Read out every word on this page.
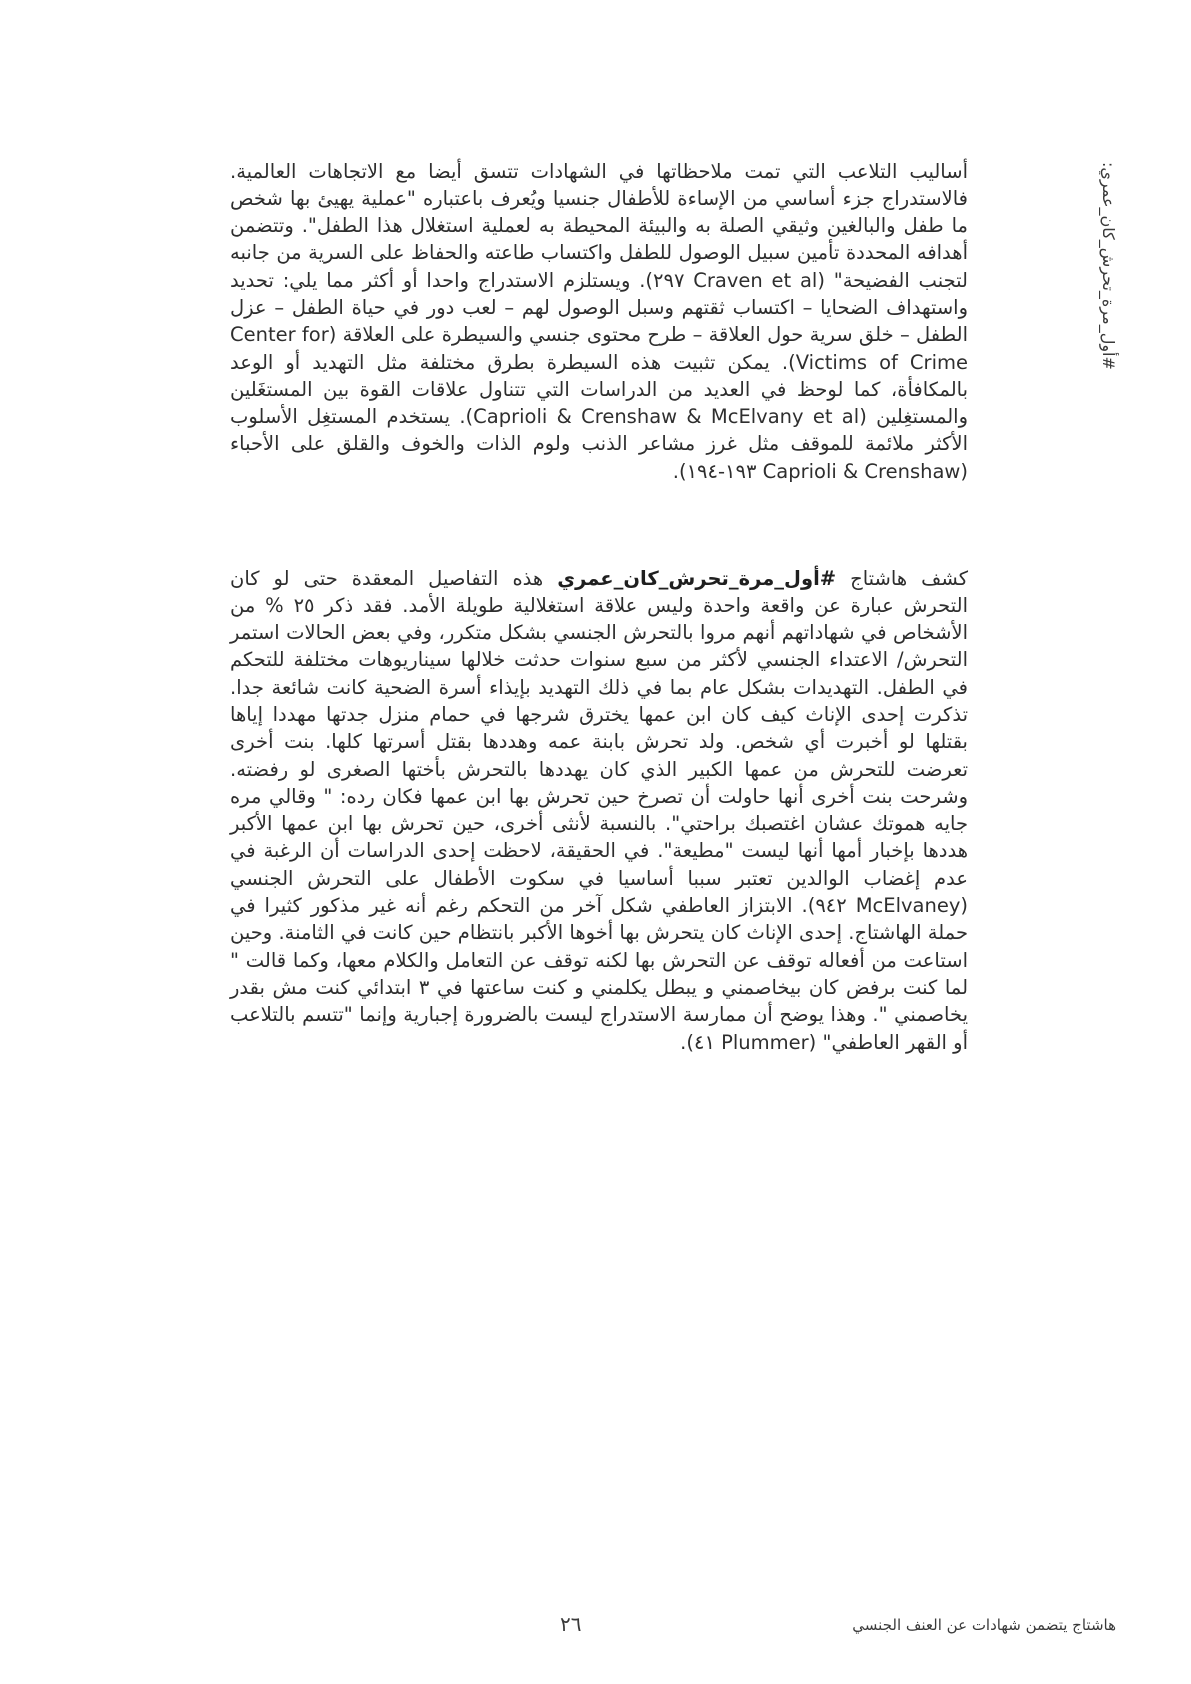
#أول_مرة_تحرش_كان_عمري:

أساليب التلاعب التي تمت ملاحظاتها في الشهادات تتسق أيضا مع الاتجاهات العالمية. فالاستدراج جزء أساسي من الإساءة للأطفال جنسيا ويُعرف باعتباره "عملية يهيئ بها شخص ما طفل والبالغين وثيقي الصلة به والبيئة المحيطة به لعملية استغلال هذا الطفل". وتتضمن أهدافه المحددة تأمين سبيل الوصول للطفل واكتساب طاعته والحفاظ على السرية من جانبه لتجنب الفضيحة" (Craven et al ٢٩٧). ويستلزم الاستدراج واحدا أو أكثر مما يلي: تحديد واستهداف الضحايا – اكتساب ثقتهم وسبل الوصول لهم – لعب دور في حياة الطفل – عزل الطفل – خلق سرية حول العلاقة – طرح محتوى جنسي والسيطرة على العلاقة (Center for Victims of Crime). يمكن تثبيت هذه السيطرة بطرق مختلفة مثل التهديد أو الوعد بالمكافأة، كما لوحظ في العديد من الدراسات التي تتناول علاقات القوة بين المستغَلين والمستغِلين (Caprioli & Crenshaw & McElvany et al). يستخدم المستغِل الأسلوب الأكثر ملائمة للموقف مثل غرز مشاعر الذنب ولوم الذات والخوف والقلق على الأحباء (Caprioli & Crenshaw ١٩٣-١٩٤).

كشف هاشتاج #أول_مرة_تحرش_كان_عمري هذه التفاصيل المعقدة حتى لو كان التحرش عبارة عن واقعة واحدة وليس علاقة استغلالية طويلة الأمد. فقد ذكر ٢٥ % من الأشخاص في شهاداتهم أنهم مروا بالتحرش الجنسي بشكل متكرر، وفي بعض الحالات استمر التحرش/ الاعتداء الجنسي لأكثر من سبع سنوات حدثت خلالها سيناريوهات مختلفة للتحكم في الطفل. التهديدات بشكل عام بما في ذلك التهديد بإيذاء أسرة الضحية كانت شائعة جدا. تذكرت إحدى الإناث كيف كان ابن عمها يخترق شرجها في حمام منزل جدتها مهددا إياها بقتلها لو أخبرت أي شخص. ولد تحرش بابنة عمه وهددها بقتل أسرتها كلها. بنت أخرى تعرضت للتحرش من عمها الكبير الذي كان يهددها بالتحرش بأختها الصغرى لو رفضته. وشرحت بنت أخرى أنها حاولت أن تصرخ حين تحرش بها ابن عمها فكان رده: " وقالي مره جايه هموتك عشان اغتصبك براحتي". بالنسبة لأنثى أخرى، حين تحرش بها ابن عمها الأكبر هددها بإخبار أمها أنها ليست "مطيعة". في الحقيقة، لاحظت إحدى الدراسات أن الرغبة في عدم إغضاب الوالدين تعتبر سببا أساسيا في سكوت الأطفال على التحرش الجنسي (McElvaney ٩٤٢). الابتزاز العاطفي شكل آخر من التحكم رغم أنه غير مذكور كثيرا في حملة الهاشتاج. إحدى الإناث كان يتحرش بها أخوها الأكبر بانتظام حين كانت في الثامنة. وحين استاعت من أفعاله توقف عن التحرش بها لكنه توقف عن التعامل والكلام معها، وكما قالت " لما كنت برفض كان بيخاصمني و يبطل يكلمني و كنت ساعتها في ٣ ابتدائي كنت مش بقدر يخاصمني ". وهذا يوضح أن ممارسة الاستدراج ليست بالضرورة إجبارية وإنما "تتسم بالتلاعب أو القهر العاطفي" (Plummer ٤١).

٢٦	هاشتاج يتضمن شهادات عن العنف الجنسي
